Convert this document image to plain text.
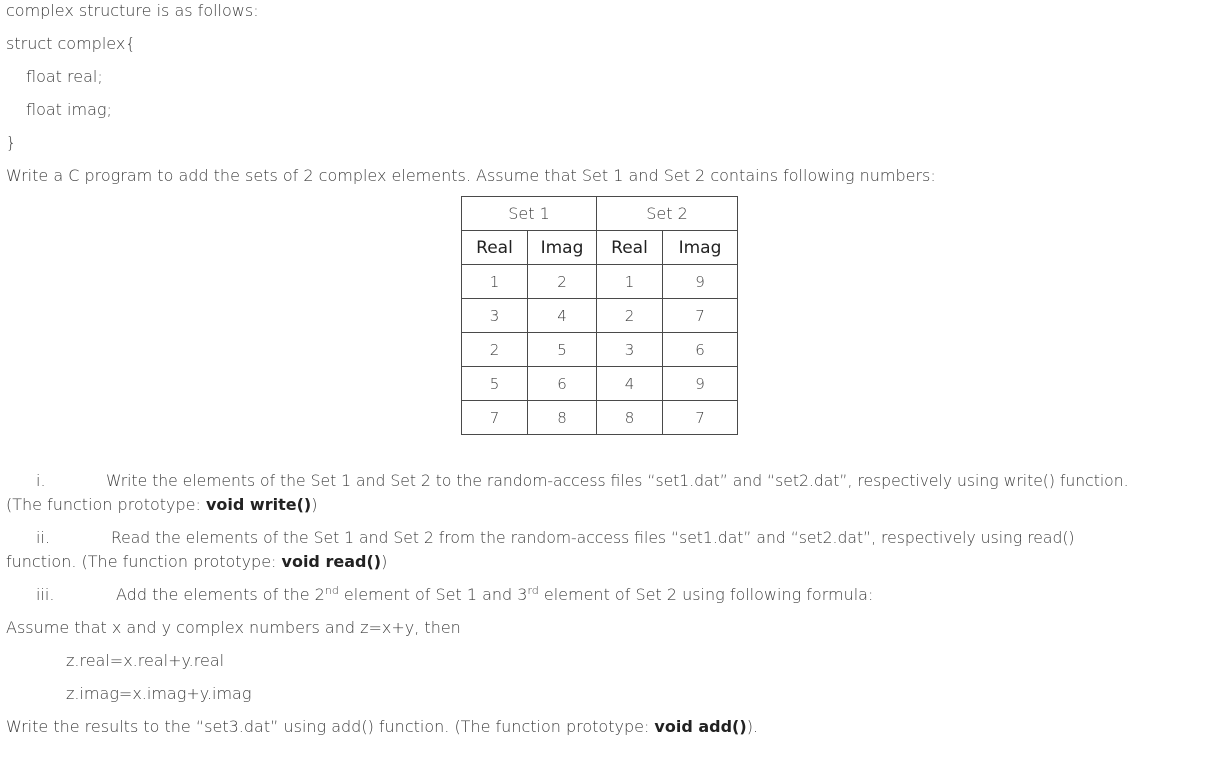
complex structure is as follows:
struct complex{
float real;
float imag;
}
Write a C program to add the sets of 2 complex elements. Assume that Set 1 and Set 2 contains following numbers:
Set 1		Set 2	
Real	Imag	Real	Imag
1	2	1	9
3	4	2	7
2	5	3	6
5	6	4	9
7	8	8	7
i.	Write the elements of the Set 1 and Set 2 to the random-access files “set1.dat” and “set2.dat”, respectively using write() function.
(The function prototype: void write())
ii.	Read the elements of the Set 1 and Set 2 from the random-access files “set1.dat” and “set2.dat”, respectively using read()
function. (The function prototype: void read())
iii.	Add the elements of the 2nd element of Set 1 and 3rd element of Set 2 using following formula:
Assume that x and y complex numbers and z=x+y, then
z.real=x.real+y.real
z.imag=x.imag+y.imag
Write the results to the “set3.dat” using add() function. (The function prototype: void add()).
